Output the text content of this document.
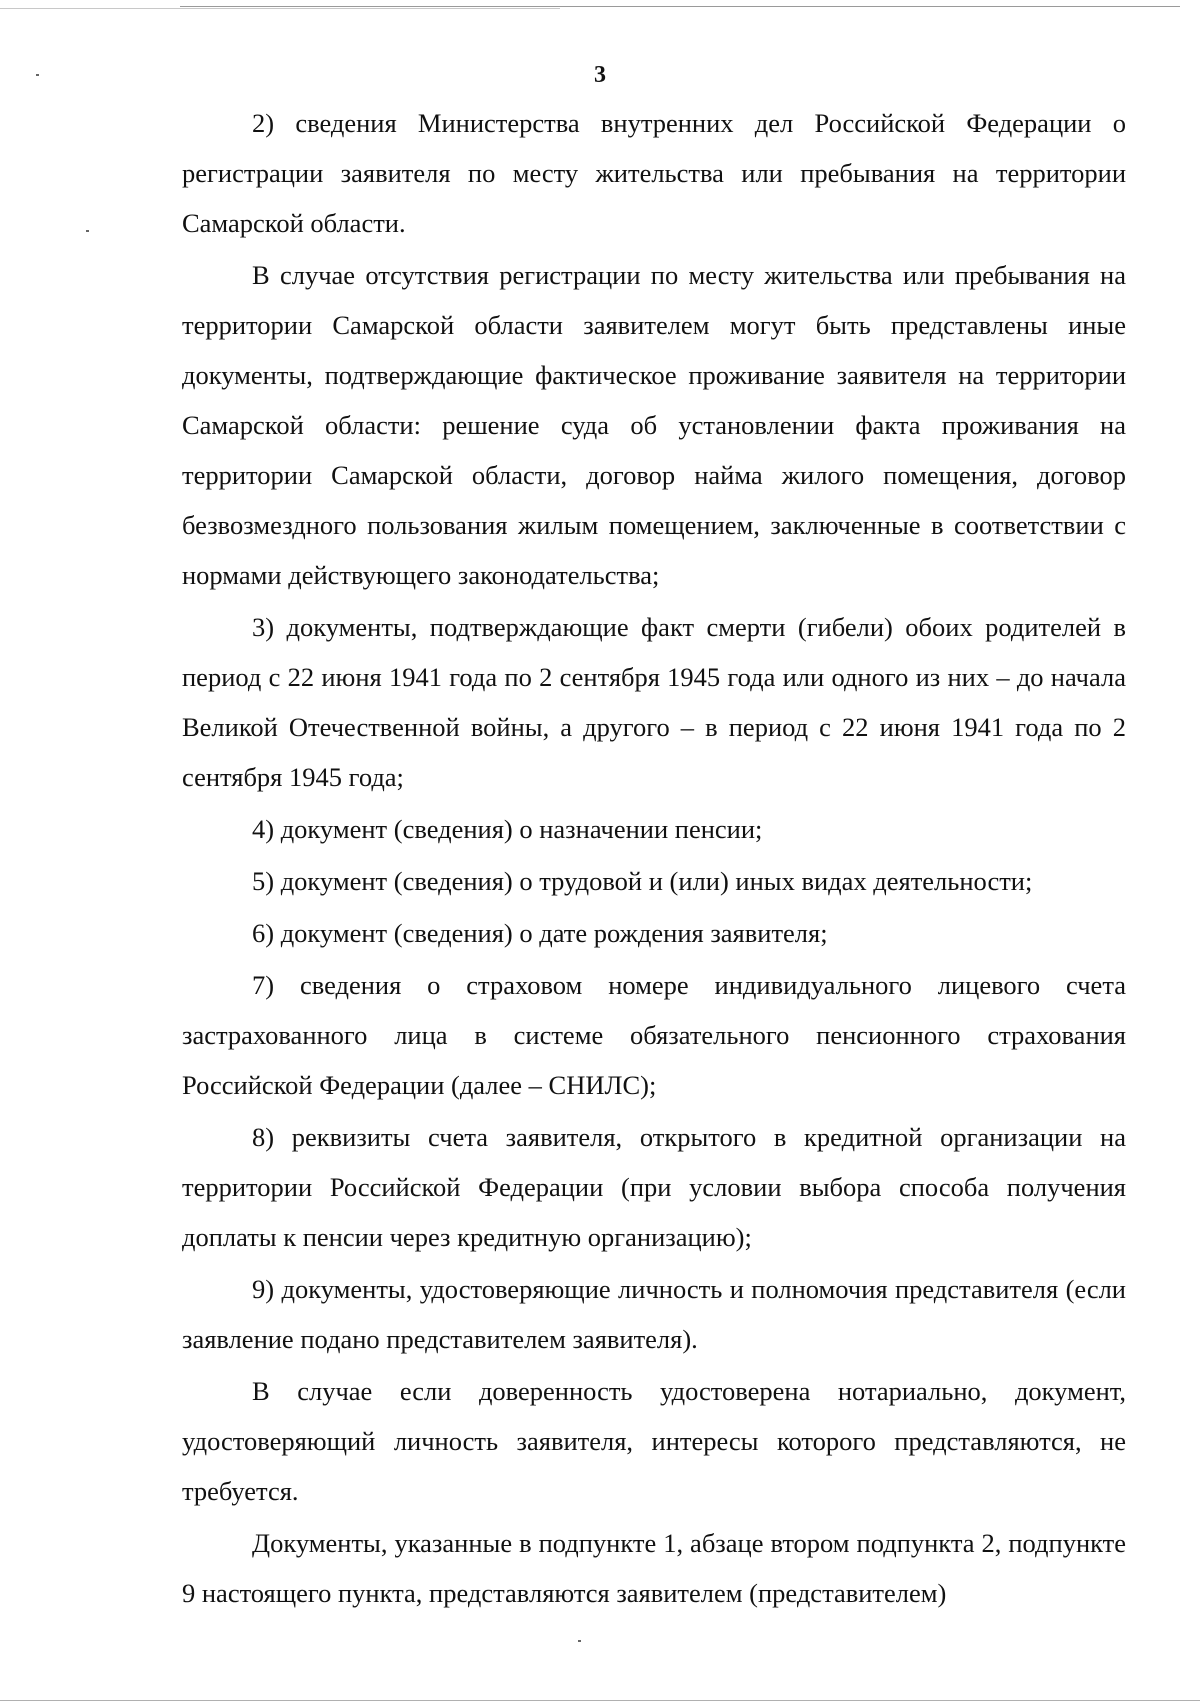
3

2) сведения Министерства внутренних дел Российской Федерации о регистрации заявителя по месту жительства или пребывания на территории Самарской области.

В случае отсутствия регистрации по месту жительства или пребывания на территории Самарской области заявителем могут быть представлены иные документы, подтверждающие фактическое проживание заявителя на территории Самарской области: решение суда об установлении факта проживания на территории Самарской области, договор найма жилого помещения, договор безвозмездного пользования жилым помещением, заключенные в соответствии с нормами действующего законодательства;

3) документы, подтверждающие факт смерти (гибели) обоих родителей в период с 22 июня 1941 года по 2 сентября 1945 года или одного из них – до начала Великой Отечественной войны, а другого – в период с 22 июня 1941 года по 2 сентября 1945 года;

4) документ (сведения) о назначении пенсии;

5) документ (сведения) о трудовой и (или) иных видах деятельности;

6) документ (сведения) о дате рождения заявителя;

7) сведения о страховом номере индивидуального лицевого счета застрахованного лица в системе обязательного пенсионного страхования Российской Федерации (далее – СНИЛС);

8) реквизиты счета заявителя, открытого в кредитной организации на территории Российской Федерации (при условии выбора способа получения доплаты к пенсии через кредитную организацию);

9) документы, удостоверяющие личность и полномочия представителя (если заявление подано представителем заявителя).

В случае если доверенность удостоверена нотариально, документ, удостоверяющий личность заявителя, интересы которого представляются, не требуется.

Документы, указанные в подпункте 1, абзаце втором подпункта 2, подпункте 9 настоящего пункта, представляются заявителем (представителем)
